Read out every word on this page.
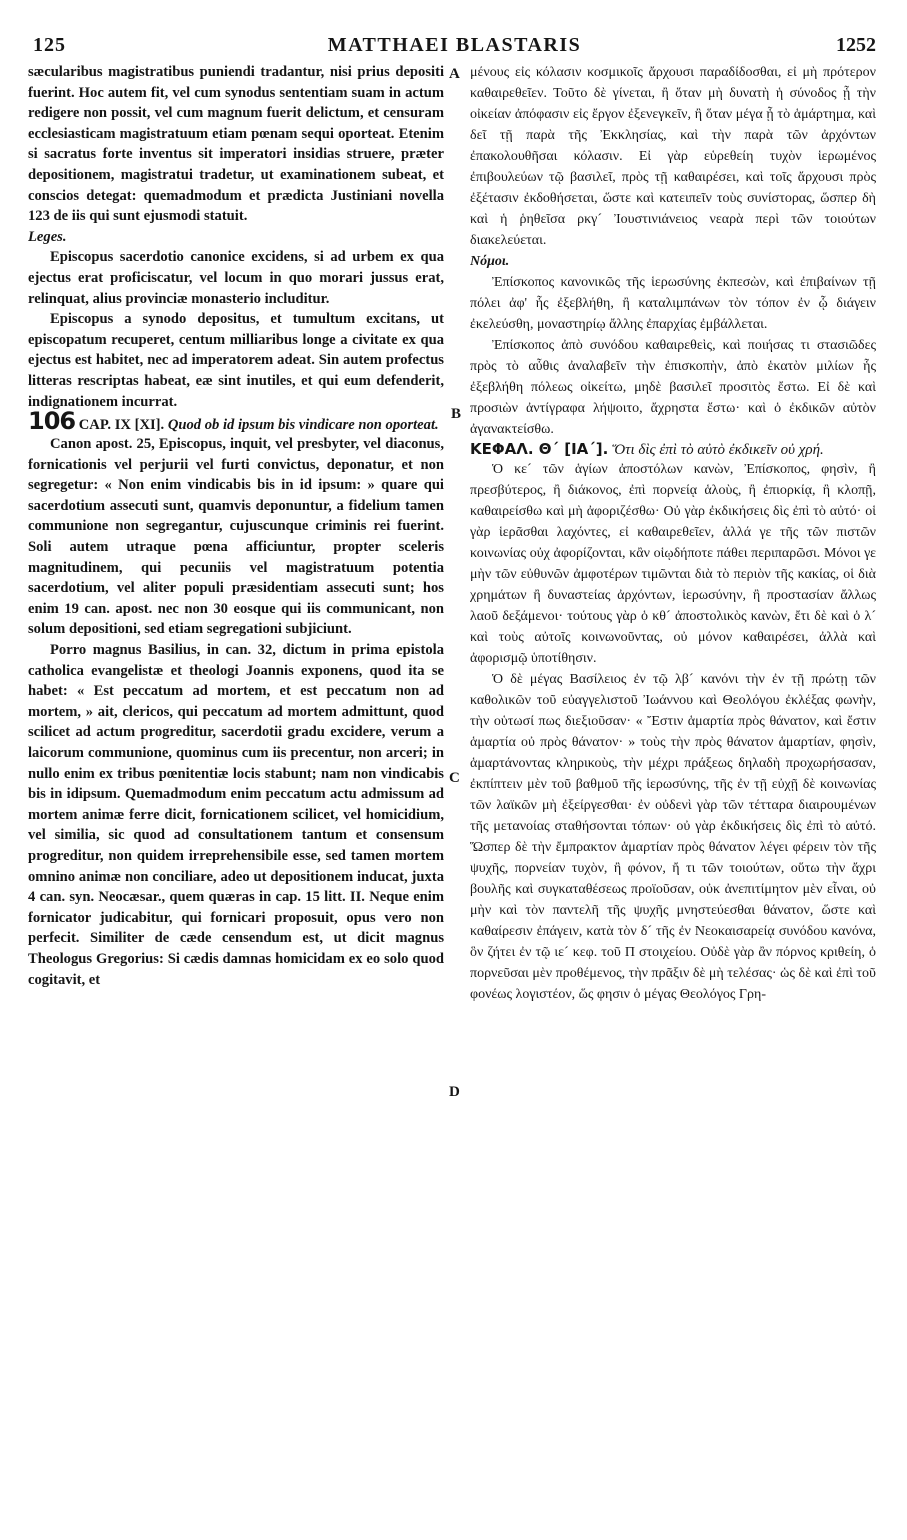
125	MATTHAEI BLASTARIS	1252
A
B
C
D

sæcularibus magistratibus puniendi tradantur, nisi prius depositi fuerint. Hoc autem fit, vel cum synodus sententiam suam in actum redigere non possit, vel cum magnum fuerit delictum, et censuram ecclesiasticam magistratuum etiam pœnam sequi oporteat. Etenim si sacratus forte inventus sit imperatori insidias struere, præter depositionem, magistratui tradetur, ut examinationem subeat, et conscios detegat: quemadmodum et prædicta Justiniani novella 123 de iis qui sunt ejusmodi statuit.

Leges.

Episcopus sacerdotio canonice excidens, si ad urbem ex qua ejectus erat proficiscatur, vel locum in quo morari jussus erat, relinquat, alius provinciæ monasterio includitur.

Episcopus a synodo depositus, et tumultum excitans, ut episcopatum recuperet, centum milliaribus longe a civitate ex qua ejectus est habitet, nec ad imperatorem adeat. Sin autem profectus litteras rescriptas habeat, eæ sint inutiles, et qui eum defenderit, indignationem incurrat.

106 CAP. IX [XI]. Quod ob id ipsum bis vindicare non oporteat.

Canon apost. 25, Episcopus, inquit, vel presbyter, vel diaconus, fornicationis vel perjurii vel furti convictus, deponatur, et non segregetur: « Non enim vindicabis bis in id ipsum: » quare qui sacerdotium assecuti sunt, quamvis deponuntur, a fidelium tamen communione non segregantur, cujuscunque criminis rei fuerint. Soli autem utraque pœna afficiuntur, propter sceleris magnitudinem, qui pecuniis vel magistratuum potentia sacerdotium, vel aliter populi præsidentiam assecuti sunt; hos enim 19 can. apost. nec non 30 eosque qui iis communicant, non solum depositioni, sed etiam segregationi subjiciunt.

Porro magnus Basilius, in can. 32, dictum in prima epistola catholica evangelistæ et theologi Joannis exponens, quod ita se habet: « Est peccatum ad mortem, et est peccatum non ad mortem, » ait, clericos, qui peccatum ad mortem admittunt, quod scilicet ad actum progreditur, sacerdotii gradu excidere, verum a laicorum communione, quominus cum iis precentur, non arceri; in nullo enim ex tribus pœnitentiæ locis stabunt; nam non vindicabis bis in idipsum. Quemadmodum enim peccatum actu admissum ad mortem animæ ferre dicit, fornicationem scilicet, vel homicidium, vel similia, sic quod ad consultationem tantum et consensum progreditur, non quidem irreprehensibile esse, sed tamen mortem omnino animæ non conciliare, adeo ut depositionem inducat, juxta 4 can. syn. Neocæsar., quem quæras in cap. 15 litt. II. Neque enim fornicator judicabitur, qui fornicari proposuit, opus vero non perfecit. Similiter de cæde censendum est, ut dicit magnus Theologus Gregorius: Si cædis damnas homicidam ex eo solo quod cogitavit, et

μένους εἰς κόλασιν κοσμικοῖς ἄρχουσι παραδίδοσθαι, εἰ μὴ πρότερον καθαιρεθεῖεν. Τοῦτο δὲ γίνεται, ἢ ὅταν μὴ δυνατὴ ἡ σύνοδος ᾖ τὴν οἰκείαν ἀπόφασιν εἰς ἔργον ἐξενεγκεῖν, ἢ ὅταν μέγα ᾖ τὸ ἁμάρτημα, καὶ δεῖ τῇ παρὰ τῆς Ἐκκλησίας, καὶ τὴν παρὰ τῶν ἀρχόντων ἐπακολουθῆσαι κόλασιν. Εἰ γὰρ εὑρεθείη τυχὸν ἱερωμένος ἐπιβουλεύων τῷ βασιλεῖ, πρὸς τῇ καθαιρέσει, καὶ τοῖς ἄρχουσι πρὸς ἐξέτασιν ἐκδοθήσεται, ὥστε καὶ κατειπεῖν τοὺς συνίστορας, ὥσπερ δὴ καὶ ἡ ῥηθεῖσα ρκγ´ Ἰουστινιάνειος νεαρὰ περὶ τῶν τοιούτων διακελεύεται.

Νόμοι.

Ἐπίσκοπος κανονικῶς τῆς ἱερωσύνης ἐκπεσὼν, καὶ ἐπιβαίνων τῇ πόλει ἀφ' ἧς ἐξεβλήθη, ἢ καταλιμπάνων τὸν τόπον ἐν ᾧ διάγειν ἐκελεύσθη, μοναστηρίῳ ἄλλης ἐπαρχίας ἐμβάλλεται.

Ἐπίσκοπος ἀπὸ συνόδου καθαιρεθεὶς, καὶ ποιήσας τι στασιῶδες πρὸς τὸ αὖθις ἀναλαβεῖν τὴν ἐπισκοπὴν, ἀπὸ ἑκατὸν μιλίων ἧς ἐξεβλήθη πόλεως οἰκείτω, μηδὲ βασιλεῖ προσιτὸς ἔστω. Εἰ δὲ καὶ προσιὼν ἀντίγραφα λήψοιτο, ἄχρηστα ἔστω· καὶ ὁ ἐκδικῶν αὐτὸν ἀγανακτείσθω.

ΚΕΦΑΛ. Θ´ [ΙΑ´]. Ὅτι δὶς ἐπὶ τὸ αὐτὸ ἐκδικεῖν οὐ χρή.

Ὁ κε´ τῶν ἁγίων ἀποστόλων κανὼν, Ἐπίσκοπος, φησὶν, ἢ πρεσβύτερος, ἢ διάκονος, ἐπὶ πορνείᾳ ἁλοὺς, ἢ ἐπιορκίᾳ, ἢ κλοπῇ, καθαιρείσθω καὶ μὴ ἀφοριζέσθω· Οὐ γὰρ ἐκδικήσεις δὶς ἐπὶ τὸ αὐτό· οἱ γὰρ ἱερᾶσθαι λαχόντες, εἰ καθαιρεθεῖεν, ἀλλά γε τῆς τῶν πιστῶν κοινωνίας οὐχ ἀφορίζονται, κἂν οἱῳδήποτε πάθει περιπαρῶσι. Μόνοι γε μὴν τῶν εὐθυνῶν ἀμφοτέρων τιμῶνται διὰ τὸ περιὸν τῆς κακίας, οἱ διὰ χρημάτων ἢ δυναστείας ἀρχόντων, ἱερωσύνην, ἢ προστασίαν ἄλλως λαοῦ δεξάμενοι· τούτους γὰρ ὁ κθ´ ἀποστολικὸς κανὼν, ἔτι δὲ καὶ ὁ λ´ καὶ τοὺς αὐτοῖς κοινωνοῦντας, οὐ μόνον καθαιρέσει, ἀλλὰ καὶ ἀφορισμῷ ὑποτίθησιν.

Ὁ δὲ μέγας Βασίλειος ἐν τῷ λβ´ κανόνι τὴν ἐν τῇ πρώτῃ τῶν καθολικῶν τοῦ εὐαγγελιστοῦ Ἰωάννου καὶ Θεολόγου ἐκλέξας φωνὴν, τὴν οὑτωσί πως διεξιοῦσαν· « Ἔστιν ἁμαρτία πρὸς θάνατον, καὶ ἔστιν ἁμαρτία οὐ πρὸς θάνατον· » τοὺς τὴν πρὸς θάνατον ἁμαρτίαν, φησὶν, ἁμαρτάνοντας κληρικοὺς, τὴν μέχρι πράξεως δηλαδὴ προχωρήσασαν, ἐκπίπτειν μὲν τοῦ βαθμοῦ τῆς ἱερωσύνης, τῆς ἐν τῇ εὐχῇ δὲ κοινωνίας τῶν λαϊκῶν μὴ ἐξείργεσθαι· ἐν οὐδενὶ γὰρ τῶν τέτταρα διαιρουμένων τῆς μετανοίας σταθήσονται τόπων· οὐ γὰρ ἐκδικήσεις δὶς ἐπὶ τὸ αὐτό. Ὥσπερ δὲ τὴν ἔμπρακτον ἁμαρτίαν πρὸς θάνατον λέγει φέρειν τὸν τῆς ψυχῆς, πορνείαν τυχὸν, ἢ φόνον, ἤ τι τῶν τοιούτων, οὕτω τὴν ἄχρι βουλῆς καὶ συγκαταθέσεως προϊοῦσαν, οὐκ ἀνεπιτίμητον μὲν εἶναι, οὐ μὴν καὶ τὸν παντελῆ τῆς ψυχῆς μνηστεύεσθαι θάνατον, ὥστε καὶ καθαίρεσιν ἐπάγειν, κατὰ τὸν δ´ τῆς ἐν Νεοκαισαρείᾳ συνόδου κανόνα, ὃν ζήτει ἐν τῷ ιε´ κεφ. τοῦ Π στοιχείου. Οὐδὲ γὰρ ἂν πόρνος κριθείη, ὁ πορνεῦσαι μὲν προθέμενος, τὴν πρᾶξιν δὲ μὴ τελέσας· ὡς δὲ καὶ ἐπὶ τοῦ φονέως λογιστέον, ὥς φησιν ὁ μέγας Θεολόγος Γρη-
